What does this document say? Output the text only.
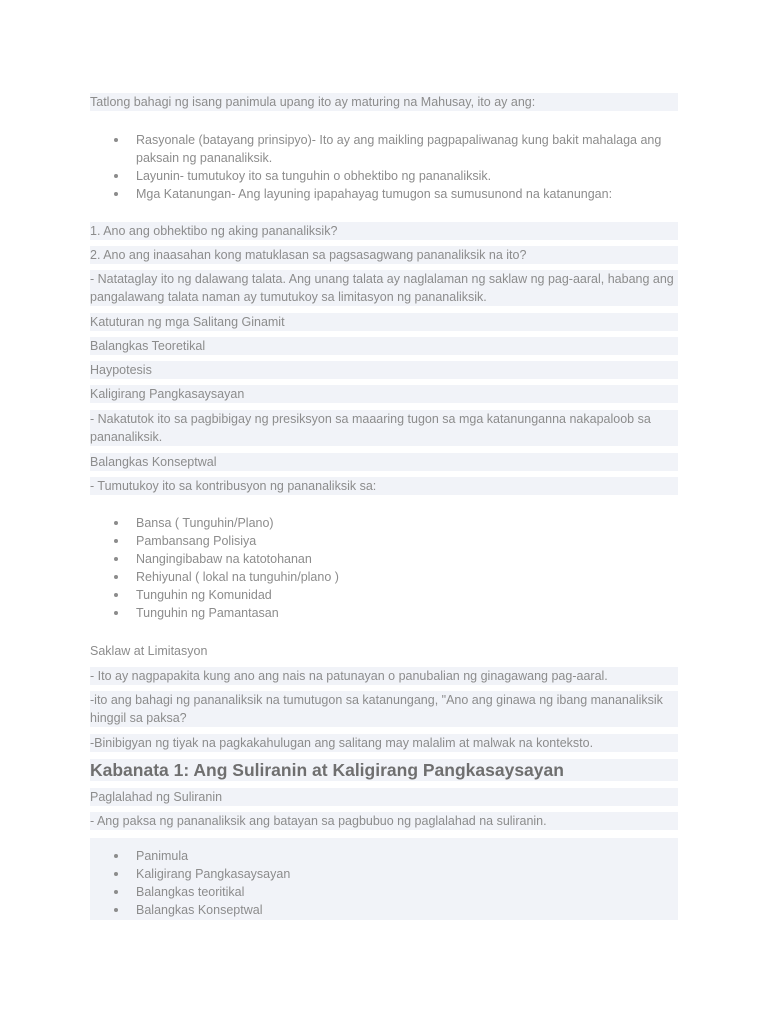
Tatlong bahagi ng isang panimula upang ito ay maturing na Mahusay, ito ay ang:

Rasyonale (batayang prinsipyo)- Ito ay ang maikling pagpapaliwanag kung bakit mahalaga ang paksain ng pananaliksik.
Layunin- tumutukoy ito sa tunguhin o obhektibo ng pananaliksik.
Mga Katanungan- Ang layuning ipapahayag tumugon sa sumusunond na katanungan:

1. Ano ang obhektibo ng aking pananaliksik?

2. Ano ang inaasahan kong matuklasan sa pagsasagwang pananaliksik na ito?

- Natataglay ito ng dalawang talata. Ang unang talata ay naglalaman ng saklaw ng pag-aaral, habang ang pangalawang talata naman ay tumutukoy sa limitasyon ng pananaliksik.

Katuturan ng mga Salitang Ginamit

Balangkas Teoretikal

Haypotesis

Kaligirang Pangkasaysayan

- Nakatutok ito sa pagbibigay ng presiksyon sa maaaring tugon sa mga katanunganna nakapaloob sa pananaliksik.

Balangkas Konseptwal

- Tumutukoy ito sa kontribusyon ng pananaliksik sa:

Bansa ( Tunguhin/Plano)
Pambansang Polisiya
Nangingibabaw na katotohanan
Rehiyunal ( lokal na tunguhin/plano )
Tunguhin ng Komunidad
Tunguhin ng Pamantasan

Saklaw at Limitasyon

- Ito ay nagpapakita kung ano ang nais na patunayan o panubalian ng ginagawang pag-aaral.

-ito ang bahagi ng pananaliksik na tumutugon sa katanungang, "Ano ang ginawa ng ibang mananaliksik hinggil sa paksa?

-Binibigyan ng tiyak na pagkakahulugan ang salitang may malalim at malwak na konteksto.

Kabanata 1: Ang Suliranin at Kaligirang Pangkasaysayan

Paglalahad ng Suliranin

- Ang paksa ng pananaliksik ang batayan sa pagbubuo ng paglalahad na suliranin.

Panimula
Kaligirang Pangkasaysayan
Balangkas teoritikal
Balangkas Konseptwal
